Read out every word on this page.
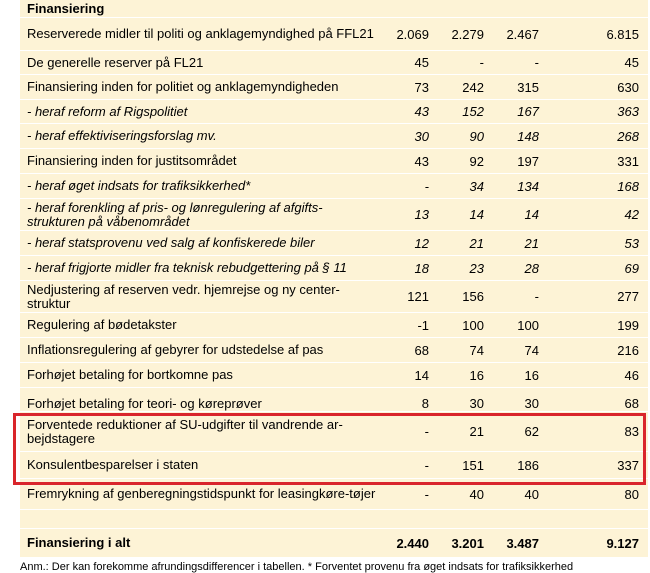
Finansiering
Reserverede midler til politi og anklagemyndighed på FFL21	2.069	2.279	2.467	6.815
De generelle reserver på FL21	45	-	-	45
Finansiering inden for politiet og anklagemyndigheden	73	242	315	630
- heraf reform af Rigspolitiet	43	152	167	363
- heraf effektiviseringsforslag mv.	30	90	148	268
Finansiering inden for justitsområdet	43	92	197	331
- heraf øget indsats for trafiksikkerhed*	-	34	134	168
- heraf forenkling af pris- og lønregulering af afgifts-strukturen på våbenområdet	13	14	14	42
- heraf statsprovenu ved salg af konfiskerede biler	12	21	21	53
- heraf frigjorte midler fra teknisk rebudgettering på § 11	18	23	28	69
Nedjustering af reserven vedr. hjemrejse og ny center-struktur	121	156	-	277
Regulering af bødetakster	-1	100	100	199
Inflationsregulering af gebyrer for udstedelse af pas	68	74	74	216
Forhøjet betaling for bortkomne pas	14	16	16	46
Forhøjet betaling for teori- og køreprøver	8	30	30	68
Forventede reduktioner af SU-udgifter til vandrende ar-bejdstagere	-	21	62	83
Konsulentbesparelser i staten	-	151	186	337
Fremrykning af genberegningstidspunkt for leasingkøre-tøjer	-	40	40	80
Finansiering i alt	2.440	3.201	3.487	9.127
Anm.: Der kan forekomme afrundingsdifferencer i tabellen. * Forventet provenu fra øget indsats for trafiksikkerhed
